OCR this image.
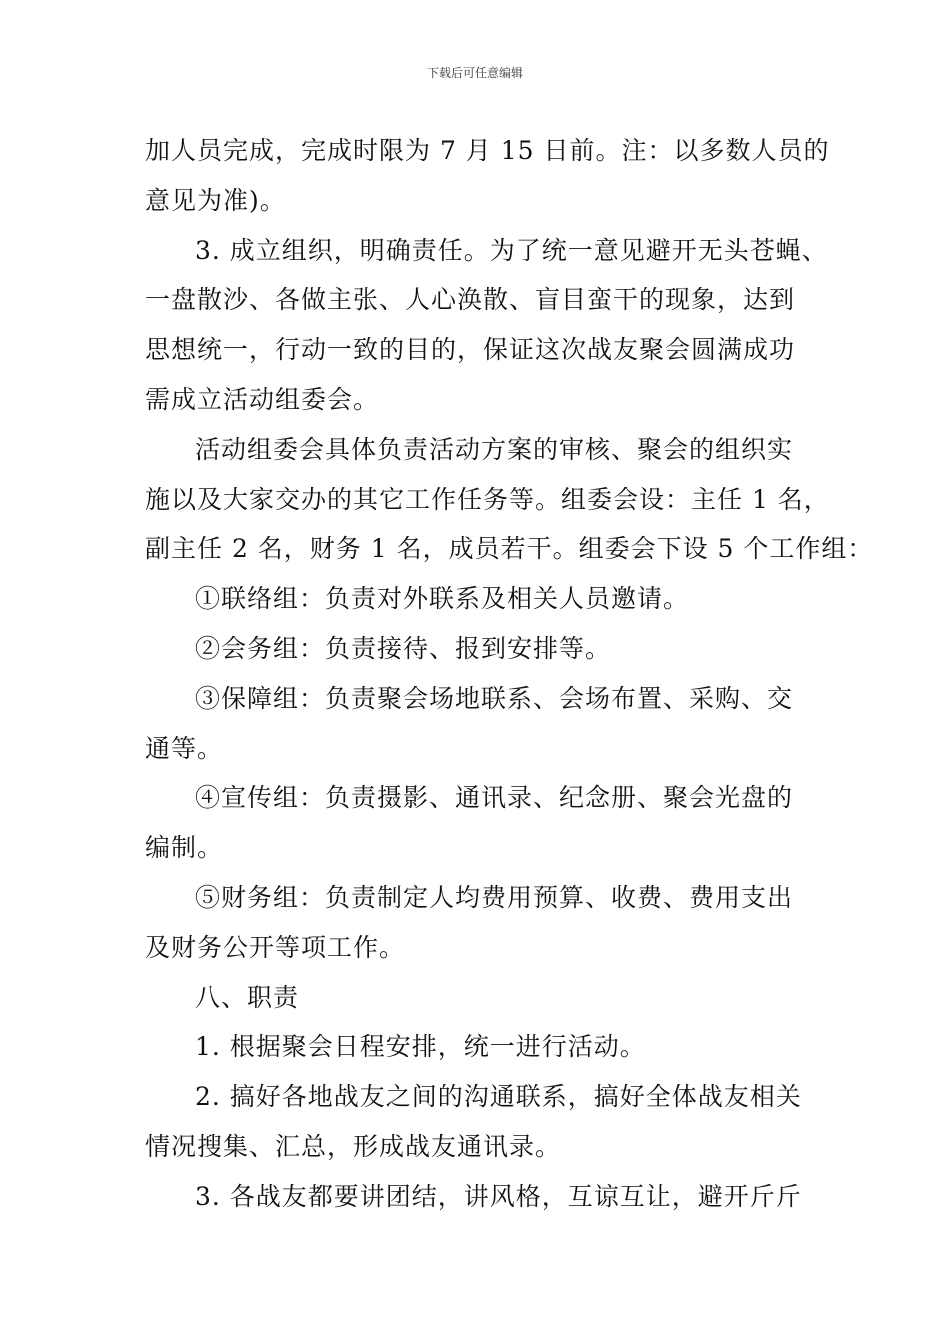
下载后可任意编辑
加人员完成，完成时限为 7 月 15 日前。注：以多数人员的
意见为准)。
3. 成立组织，明确责任。为了统一意见避开无头苍蝇、
一盘散沙、各做主张、人心涣散、盲目蛮干的现象，达到
思想统一，行动一致的目的，保证这次战友聚会圆满成功
需成立活动组委会。
活动组委会具体负责活动方案的审核、聚会的组织实
施以及大家交办的其它工作任务等。组委会设：主任 1 名，
副主任 2 名，财务 1 名，成员若干。组委会下设 5 个工作组：
①联络组：负责对外联系及相关人员邀请。
②会务组：负责接待、报到安排等。
③保障组：负责聚会场地联系、会场布置、采购、交
通等。
④宣传组：负责摄影、通讯录、纪念册、聚会光盘的
编制。
⑤财务组：负责制定人均费用预算、收费、费用支出
及财务公开等项工作。
八、职责
1. 根据聚会日程安排，统一进行活动。
2. 搞好各地战友之间的沟通联系，搞好全体战友相关
情况搜集、汇总，形成战友通讯录。
3. 各战友都要讲团结，讲风格，互谅互让，避开斤斤
